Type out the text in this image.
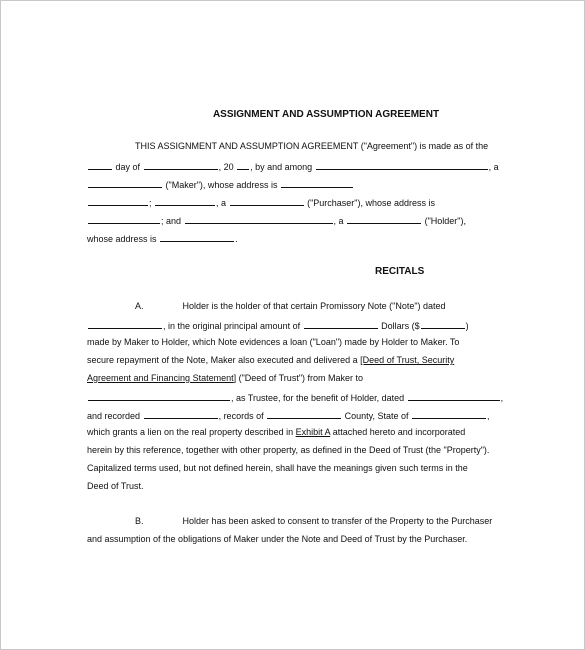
ASSIGNMENT AND ASSUMPTION AGREEMENT
THIS ASSIGNMENT AND ASSUMPTION AGREEMENT ("Agreement") is made as of the
day of	, 20 , by and among	, a
("Maker"), whose address is
;	, a	("Purchaser"), whose address is
; and	, a	("Holder"),
whose address is	.
RECITALS
A.	Holder is the holder of that certain Promissory Note ("Note") dated
, in the original principal amount of	Dollars ($	)
made by Maker to Holder, which Note evidences a loan ("Loan") made by Holder to Maker. To
secure repayment of the Note, Maker also executed and delivered a [Deed of Trust, Security
Agreement and Financing Statement] ("Deed of Trust") from Maker to
, as Trustee, for the benefit of Holder, dated	,
and recorded	, records of	County, State of	,
which grants a lien on the real property described in Exhibit A attached hereto and incorporated
herein by this reference, together with other property, as defined in the Deed of Trust (the "Property").
Capitalized terms used, but not defined herein, shall have the meanings given such terms in the
Deed of Trust.
B.	Holder has been asked to consent to transfer of the Property to the Purchaser
and assumption of the obligations of Maker under the Note and Deed of Trust by the Purchaser.
